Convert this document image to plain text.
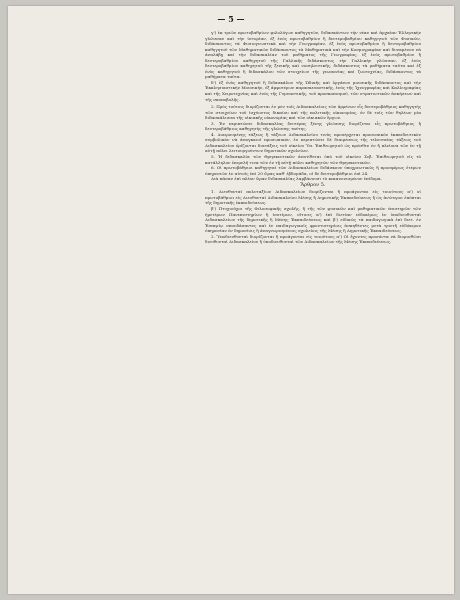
— 5 —

γ') ἐκ τριῶν πρωτοβαθμίων φιλολόγων καθηγητῶν, διδασκόντων τὴν νέαν καὶ ἀρχαίαν Ἑλληνικὴν γλῶσσαν καὶ τὴν ἱστορίαν, ἐξ ἑνὸς πρωτοβαθμίου ἢ δευτεροβαθμίου καθηγητοῦ τῶν Φυσικῶν, διδάσκοντος τὰ Φυσιογνωστικὰ καὶ τὴν Γεωγραφίαν, ἐξ ἑνὸς πρωτοβαθμίου ἢ δευτεροβαθμίου καθηγητοῦ τῶν Μαθηματικῶν διδάσκοντος τὰ Μαθηματικὰ καὶ τὴν Κοσμογραφίαν καὶ δυναμένου νὰ ἀναλάβῃ καὶ τὴν διδασκαλίαν τοῦ μαθήματος τῆς Γεωγραφίας, ἐξ ἑνὸς πρωτοβαθμίου ἢ δευτεροβαθμίου καθηγητοῦ τῆς Γαλλικῆς διδάσκοντος τὴν Γαλλικὴν γλῶσσαν, ἐξ ἑνὸς δευτεροβαθμίου καθηγητοῦ τῆς ξενικῆς καὶ νοσηλευτικῆς, διδάσκοντος τὰ μαθήματα ταῦτα καὶ ἐξ ἑνὸς καθηγητοῦ ἢ διδασκάλου τῶν στοιχείων τῆς γεωπονίας καὶ ζωοτεχνίας, διδάσκοντος τὰ μαθήματα ταῦτα.

δ') ἐξ ἑνὸς καθηγητοῦ ἢ διδασκάλου τῆς Ὠδικῆς καὶ ὀργάνου μουσικῆς διδάσκοντος καὶ τὴν Ἐκκλησιαστικὴν Μουσικήν, ἐξ ἀμφοτέρων παρασκευαστικῆς, ἑνὸς τῆς Ἰχνογραφίας καὶ Καλλιγραφίας καὶ τῆς Χειροτεχνίας καὶ ἑνὸς τῆς Γυμναστικῆς, τοῦ προσκοπισμοῦ, τῶν στρατιωτικῶν ἀσκήσεων καὶ τῆς σκοποβολῆς.

2. Πρὸς τούτοις διορίζονται ἐν μὲν τοῖς Διδασκαλείοις τῶν ἀρρένων εἷς δευτεροβάθμιος καθηγητὴς τῶν στοιχείων τοῦ ἰσχύοντος δικαίου καὶ τῆς πολιτικῆς οἰκονομίας, ἐν δὲ τοῖς τῶν θηλέων μία διδασκάλισσα τῆς οἰκιακῆς οἰκονομίας καὶ τῶν οἰκιακῶν ἔργων.

3. Ἐν περιπτώσει διδασκαλίας δευτέρας ξένης γλώσσης διορίζεται εἷς πρωτοβάθμιος ἢ δευτεροβάθμιος καθηγητὴς τῆς γλώσσης ταύτης.

4. Διαιρουμένης τάξεως ἢ τάξεων Διδασκαλείου τινὸς προσέρχεται προσωπικὸν ἐκπαιδευτικὸν συμβολικὸν νὰ ἀναγκαιοῖ προσωπικόν, ἐν περιπτώσει δὲ διαιρέσεως τῆς τελευταίας τάξεως τοῦ Διδασκαλείου ὁρίζονται διατάξεις τοῦ οἰκείου Ὑπ. Ἐπιθεωρητοῦ ὡς πρόσθεν ἐν ἢ πλείονα τῶν ἐν τῇ αὐτῇ πόλει λειτουργούντων δημοτικῶν σχολείων.

5. Ἡ διδασκαλία τῶν Θρησκευτικῶν ἀνατίθεται ὑπὸ τοῦ οἰκείου Σεβ. Ἐπιθεωρητοῦ εἰς τὸ κατάλληλον ἐπιμελῆ τινα τῶν ἐν τῇ αὐτῇ πόλει καθηγητῶν τῶν Θρησκευτικῶν.

6. Οἱ πρωτοβάθμιοι καθηγηταὶ τῶν Διδασκαλείων διδάσκουν ὑποχρεωτικῶς ἢ προσφόρως ἑτέρων ὑπηρεσιῶν ἐν αὐτοῖς ἐπὶ 20 ὥρας καθ' ἑβδομάδα, οἱ δὲ δευτεροβάθμιοι ἐπὶ 24.

Διὰ πᾶσαν ἐπὶ πλέον ὥραν διδασκαλίας λαμβάνουσι τὸ κεκανονισμένον ἐπίδομα.

Ἄρθρον 5.

1. Διευθυνταὶ πολυταξίων Διδασκαλείων διορίζονται ἢ προάγονται εἰς τοιούτους α') οἱ πρωτοβάθμιοι εἰς Διευθυνταὶ Διδασκαλείου Μέσης ἢ Δημοτικῆς Ἐκπαιδεύσεως ἢ ὡς ἀνώτεροι ἐπόπται τῆς δημοτικῆς ἐκπαιδεύσεως.

β') Πτυχιοῦχοι τῆς Φιλοσοφικῆς σχολῆς, ἢ τῆς τῶν φυσικῶν καὶ μαθηματικῶν ἐπιστημῶν τῶν ἡμετέρων Πανεπιστημίων ἢ ἰσοτίμων, οἵτινες α') ἐπὶ διετίαν εὐδοκίμως ἐν ὑποδιευθυνταὶ Διδασκαλείων τῆς δημοτικῆς ἢ Μέσης Ἐκπαιδεύσεως καὶ β') εἰδικῶς τὰ παιδαγωγικὰ ἐπὶ διετ. ἐν Ἑσπερίῳ σπουδάσαντες καὶ ἐν παιδαγωγικοῖς φροντιστηρίοις ἀσκηθέντες μετὰ τριετῆ εὐδόκιμον ὑπηρεσίαν ἐν δημοσίοις ἢ ἀναγνωρισμένοις σχολείοις τῆς Μέσης ἢ Δημοτικῆς Ἐκπαιδεύσεως.

2. Ὑποδιευθυνταὶ διορίζονται ἢ προάγονται εἰς τοιούτους α') Οἱ ἔχοντες προσόντα νὰ διορισθῶσι διευθυνταὶ Διδασκαλείου ἢ ὑποδιευθυνταὶ τῶν Διδασκαλείων τῆς Μέσης Ἐκπαιδεύσεως.
